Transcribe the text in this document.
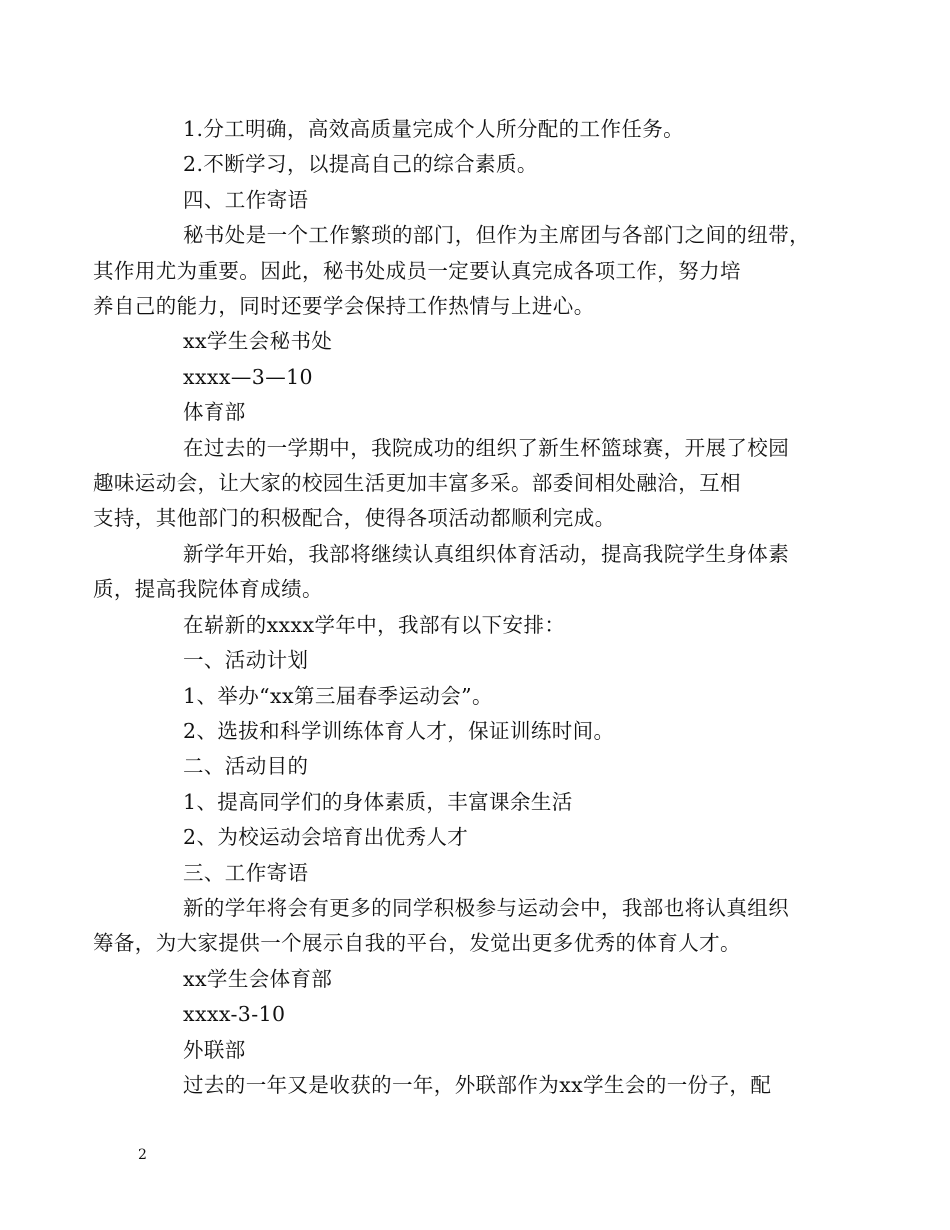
1.分工明确，高效高质量完成个人所分配的工作任务。

2.不断学习，以提高自己的综合素质。

四、工作寄语

秘书处是一个工作繁琐的部门，但作为主席团与各部门之间的纽带，
其作用尤为重要。因此，秘书处成员一定要认真完成各项工作，努力培
养自己的能力，同时还要学会保持工作热情与上进心。

xx学生会秘书处

xxxx—3—10

体育部

在过去的一学期中，我院成功的组织了新生杯篮球赛，开展了校园
趣味运动会，让大家的校园生活更加丰富多采。部委间相处融洽，互相
支持，其他部门的积极配合，使得各项活动都顺利完成。

新学年开始，我部将继续认真组织体育活动，提高我院学生身体素
质，提高我院体育成绩。

在崭新的xxxx学年中，我部有以下安排：

一、活动计划

1、举办“xx第三届春季运动会”。

2、选拔和科学训练体育人才，保证训练时间。

二、活动目的

1、提高同学们的身体素质，丰富课余生活

2、为校运动会培育出优秀人才

三、工作寄语

新的学年将会有更多的同学积极参与运动会中，我部也将认真组织
筹备，为大家提供一个展示自我的平台，发觉出更多优秀的体育人才。

xx学生会体育部

xxxx-3-10

外联部

过去的一年又是收获的一年，外联部作为xx学生会的一份子，配

2
